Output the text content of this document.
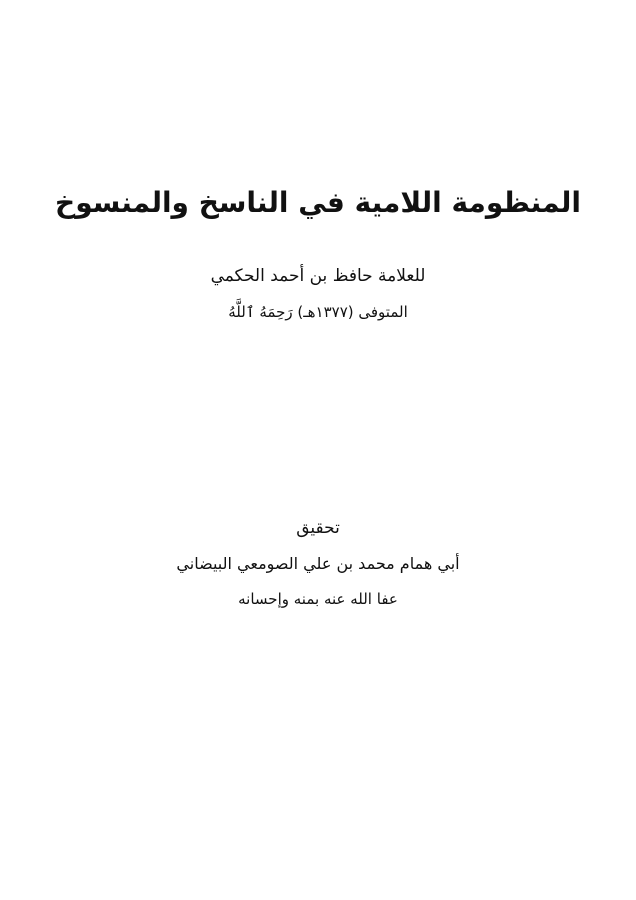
المنظومة اللامية في الناسخ والمنسوخ
للعلامة حافظ بن أحمد الحكمي
المتوفى (١٣٧٧هـ) رَحِمَهُ ٱللَّهُ
تحقيق
أبي همام محمد بن علي الصومعي البيضاني
عفا الله عنه بمنه وإحسانه
